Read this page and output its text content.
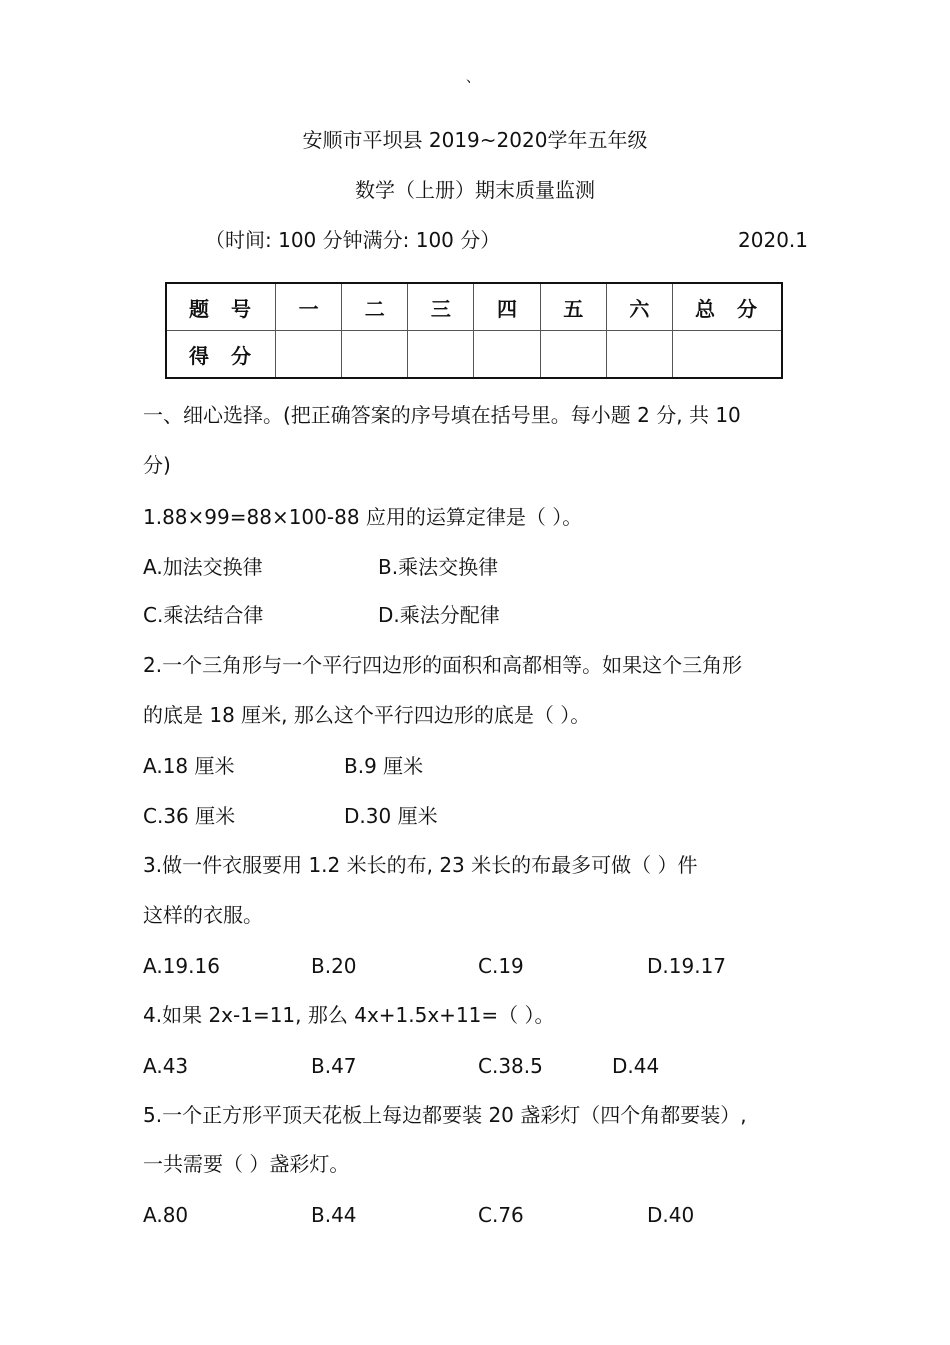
、
安顺市平坝县 2019~2020学年五年级
数学（上册）期末质量监测
（时间: 100 分钟满分: 100 分）	2020.1
题号	一	二	三	四	五	六	总分
得分							
一、细心选择。(把正确答案的序号填在括号里。每小题 2 分, 共 10
分)
1.88×99=88×100-88 应用的运算定律是（ ）。
A.加法交换律	B.乘法交换律
C.乘法结合律	D.乘法分配律
2.一个三角形与一个平行四边形的面积和高都相等。如果这个三角形
的底是 18 厘米, 那么这个平行四边形的底是（ ）。
A.18 厘米	B.9 厘米
C.36 厘米	D.30 厘米
3.做一件衣服要用 1.2 米长的布, 23 米长的布最多可做（ ）件
这样的衣服。
A.19.16	B.20	C.19	D.19.17
4.如果 2x-1=11, 那么 4x+1.5x+11=（ ）。
A.43	B.47	C.38.5	D.44
5.一个正方形平顶天花板上每边都要装 20 盏彩灯（四个角都要装）,
一共需要（ ）盏彩灯。
A.80	B.44	C.76	D.40
